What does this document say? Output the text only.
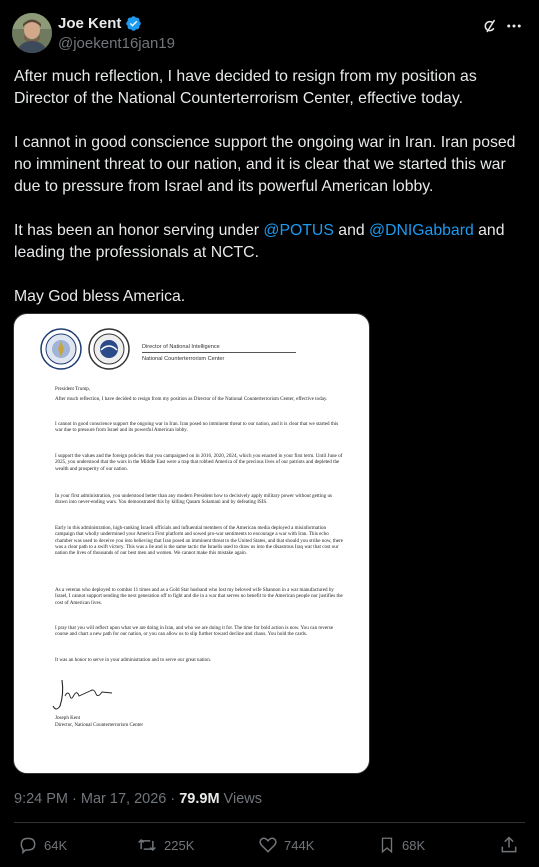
Joe Kent
@joekent16jan19

After much reflection, I have decided to resign from my position as Director of the National Counterterrorism Center, effective today.

I cannot in good conscience support the ongoing war in Iran. Iran posed no imminent threat to our nation, and it is clear that we started this war due to pressure from Israel and its powerful American lobby.

It has been an honor serving under @POTUS and @DNIGabbard and leading the professionals at NCTC.

May God bless America.

Director of National Intelligence
National Counterterrorism Center
President Trump,
After much reflection, I have decided to resign from my position as Director of the National Counterterrorism Center, effective today.
I cannot in good conscience support the ongoing war in Iran. Iran posed no imminent threat to our nation, and it is clear that we started this war due to pressure from Israel and its powerful American lobby.
I support the values and the foreign policies that you campaigned on in 2016, 2020, 2024, which you enacted in your first term. Until June of 2025, you understood that the wars in the Middle East were a trap that robbed America of the precious lives of our patriots and depleted the wealth and prosperity of our nation.
In your first administration, you understood better than any modern President how to decisively apply military power without getting us drawn into never-ending wars. You demonstrated this by killing Qasam Solamani and by defeating ISIS.
Early in this administration, high-ranking Israeli officials and influential members of the American media deployed a misinformation campaign that wholly undermined your America First platform and sowed pro-war sentiments to encourage a war with Iran. This echo chamber was used to deceive you into believing that Iran posed an imminent threat to the United States, and that should you strike now, there was a clear path to a swift victory. This was a lie and is the same tactic the Israelis used to draw us into the disastrous Iraq war that cost our nation the lives of thousands of our best men and women. We cannot make this mistake again.
As a veteran who deployed to combat 11 times and as a Gold Star husband who lost my beloved wife Shannon in a war manufactured by Israel, I cannot support sending the next generation off to fight and die in a war that serves no benefit to the American people nor justifies the cost of American lives.
I pray that you will reflect upon what we are doing in Iran, and who we are doing it for. The time for bold action is now. You can reverse course and chart a new path for our nation, or you can allow us to slip further toward decline and chaos. You hold the cards.
It was an honor to serve in your administration and to serve our great nation.
Joseph Kent
Director, National Counterterrorism Center
9:24 PM · Mar 17, 2026 · 79.9M Views
64K	225K	744K	68K
